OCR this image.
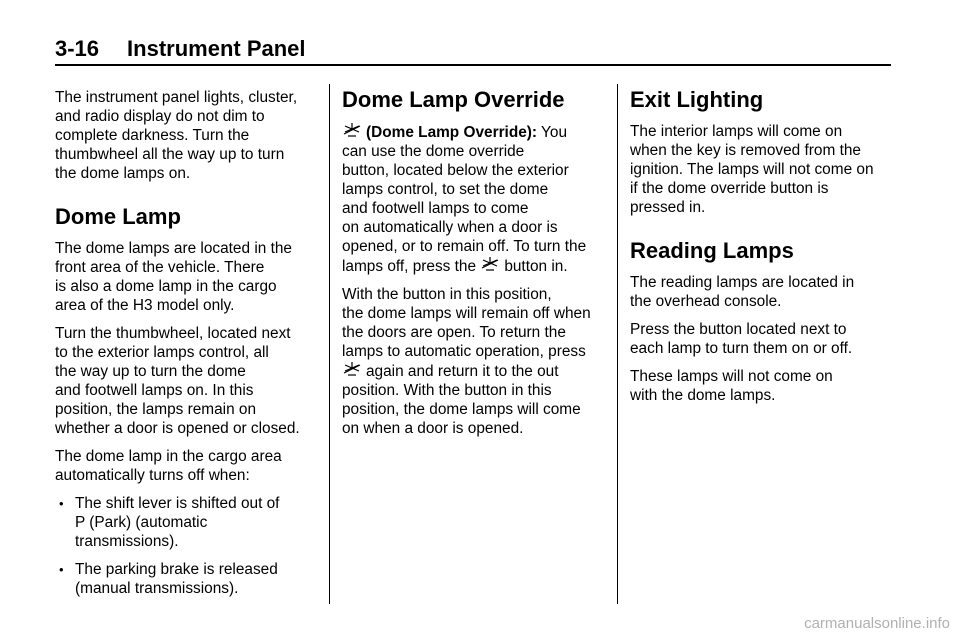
3-16 Instrument Panel

The instrument panel lights, cluster,
and radio display do not dim to
complete darkness. Turn the
thumbwheel all the way up to turn
the dome lamps on.

Dome Lamp

The dome lamps are located in the
front area of the vehicle. There
is also a dome lamp in the cargo
area of the H3 model only.

Turn the thumbwheel, located next
to the exterior lamps control, all
the way up to turn the dome
and footwell lamps on. In this
position, the lamps remain on
whether a door is opened or closed.

The dome lamp in the cargo area
automatically turns off when:

• The shift lever is shifted out of
P (Park) (automatic
transmissions).
• The parking brake is released
(manual transmissions).
Dome Lamp Override

(Dome Lamp Override): You
can use the dome override
button, located below the exterior
lamps control, to set the dome
and footwell lamps to come
on automatically when a door is
opened, or to remain off. To turn the
lamps off, press the button in.

With the button in this position,
the dome lamps will remain off when
the doors are open. To return the
lamps to automatic operation, press
again and return it to the out
position. With the button in this
position, the dome lamps will come
on when a door is opened.

Exit Lighting

The interior lamps will come on
when the key is removed from the
ignition. The lamps will not come on
if the dome override button is
pressed in.

Reading Lamps

The reading lamps are located in
the overhead console.

Press the button located next to
each lamp to turn them on or off.

These lamps will not come on
with the dome lamps.

carmanualsonline.info
